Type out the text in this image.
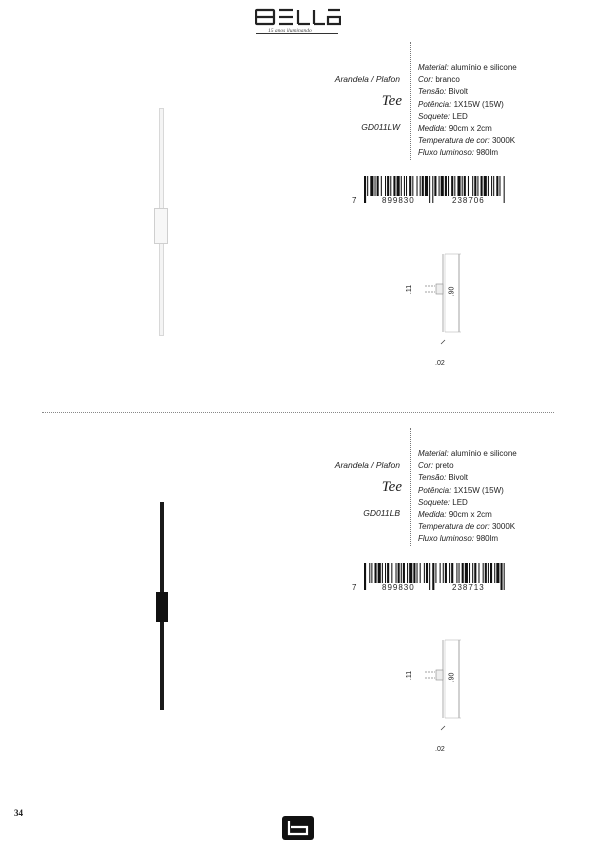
15 anos iluminando
Arandela / Plafon
Tee
GD011LW
Material: alumínio e silicone
Cor: branco
Tensão: Bivolt
Potência: 1X15W (15W)
Soquete: LED
Medida: 90cm x 2cm
Temperatura de cor: 3000K
Fluxo luminoso: 980lm
7	899830	238706
.11	.90
.02
Arandela / Plafon
Tee
GD011LB
Material: alumínio e silicone
Cor: preto
Tensão: Bivolt
Potência: 1X15W (15W)
Soquete: LED
Medida: 90cm x 2cm
Temperatura de cor: 3000K
Fluxo luminoso: 980lm
7	899830	238713
.11	.90
.02
34
